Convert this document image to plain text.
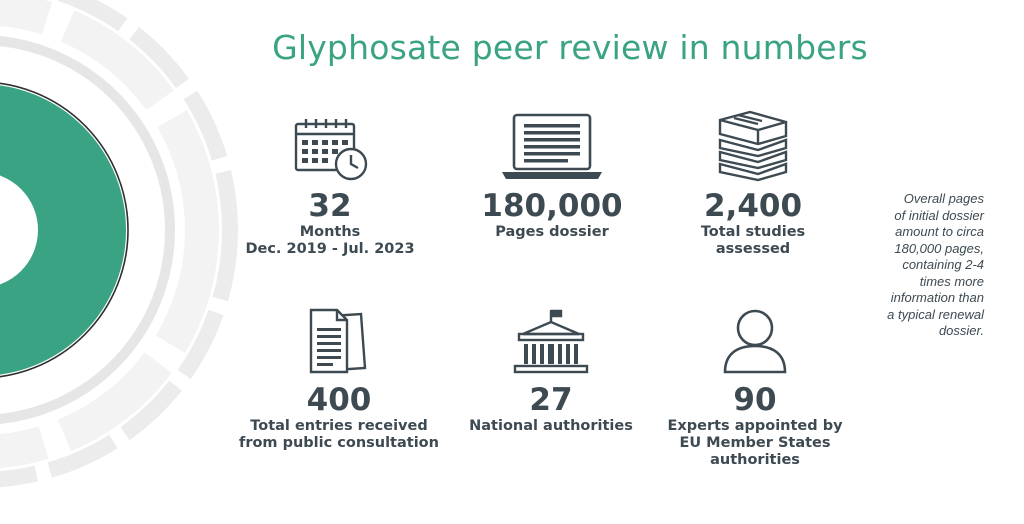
Glyphosate peer review in numbers
32
Months
Dec. 2019 - Jul. 2023
180,000
Pages dossier
2,400
Total studies
assessed
400
Total entries received
from public consultation
27
National authorities
90
Experts appointed by
EU Member States
authorities
Overall pages
of initial dossier
amount to circa
180,000 pages,
containing 2-4
times more
information than
a typical renewal
dossier.
